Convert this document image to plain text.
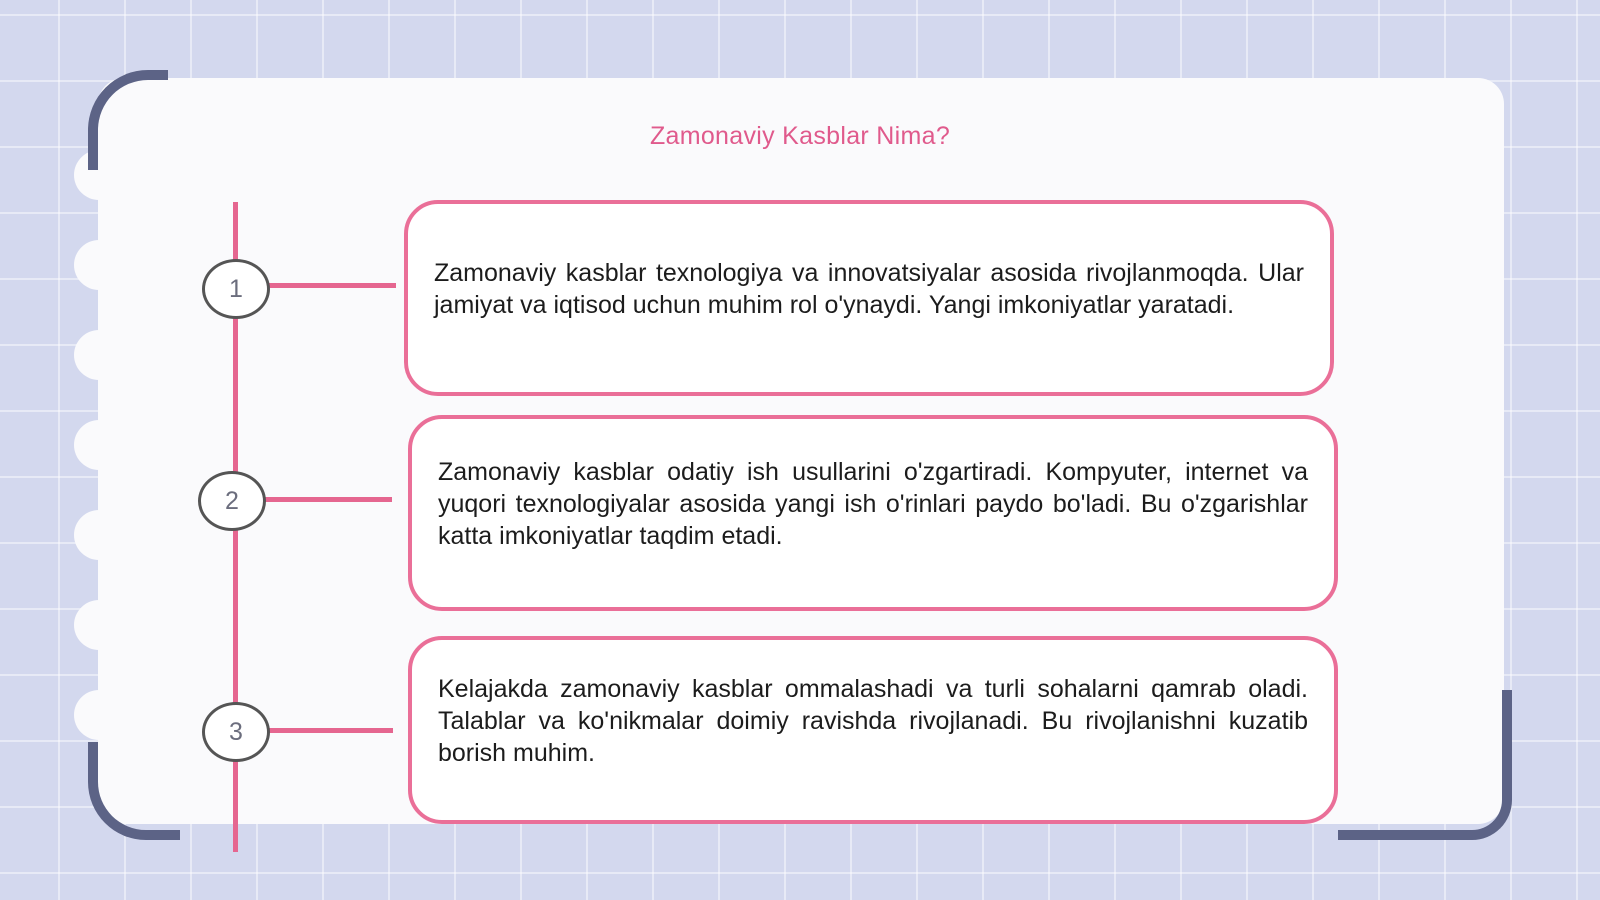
Zamonaviy Kasblar Nima?
1
2
3

Zamonaviy kasblar texnologiya va innovatsiyalar asosida rivojlanmoqda. Ular jamiyat va iqtisod uchun muhim rol o'ynaydi. Yangi imkoniyatlar yaratadi.

Zamonaviy kasblar odatiy ish usullarini o'zgartiradi. Kompyuter, internet va yuqori texnologiyalar asosida yangi ish o'rinlari paydo bo'ladi. Bu o'zgarishlar katta imkoniyatlar taqdim etadi.

Kelajakda zamonaviy kasblar ommalashadi va turli sohalarni qamrab oladi. Talablar va ko'nikmalar doimiy ravishda rivojlanadi. Bu rivojlanishni kuzatib borish muhim.
